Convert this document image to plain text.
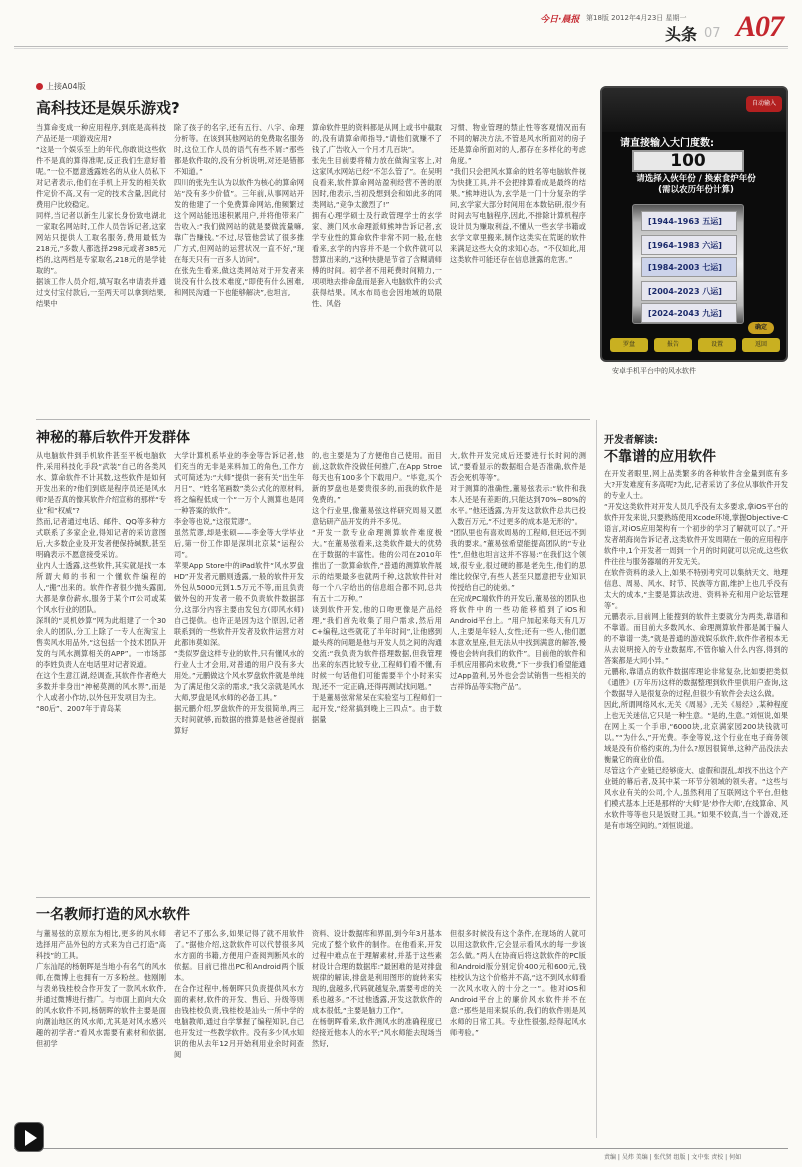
今日·晨报 第18版 2012年4月23日 星期一
头条 07 A07
上接A04版
高科技还是娱乐游戏?
当算命变成一种应用程序,到底是高科技产品还是一项游戏应用?
“这是一个娱乐至上的年代,你敢说这些软件不是真的算得准呢,反正我们生意好着呢。”一位不愿意透露姓名的从业人员私下对记者表示,他们在手机上开发的相关软件定价不高,又有一定的技术含量,因此付费用户比较稳定。
同样,当记者以新生儿家长身份致电湖北一家取名网站时,工作人员告诉记者,这家网站只提供人工取名服务,费用最低为218元,“多数人都选择298元或者385元档的,这两档是专家取名,218元的是学徒取的”。
据该工作人员介绍,填写取名申请表并通过支付宝付款后,一至两天可以拿到结果,结果中
除了孩子的名字,还有五行、八字、命理分析等。在该到其他网站的免费取名服务时,这位工作人员的语气有些不屑:“那些都是软件取的,没有分析说明,对还是错都不知道。”
四川的张先生认为以软件为核心的算命网站“没有多少价值”。三年前,从事网站开发的他建了一个免费算命网站,他频繁过这个网站能迅速积累用户,并将他带来广告收入:“我们做网站的就是要做流量嘛,靠广告赚钱。”不过,尽管他尝试了很多推广方式,但网站的运营状况一直不好,“现在每天只有一百多人访问”。
在张先生看来,做这类网站对于开发者来说没有什么技术难度,“即使有什么困难,和网民沟通一下也能够解决”,也坦言,
算命软件里的资料都是从网上或书中截取的,没有请算命师指导,“请他们就赚不了钱了,广告收入一个月才几百块”。
张先生目前要将精力放在做淘宝客上,对这家风水网站已经“不怎么管了”。在吴明良看来,软件算命网站盈利经营不善的原因时,他表示,当初没想到会和如此多的同类网站,“竞争太激烈了!”
拥有心理学硕士及行政管理学士的玄学家、澳门风水命理派师熊坤告诉记者,玄学专业性的算命软件非常不同一般,在他看来,玄学的内容并不是一个软件就可以替算出来的,“这种快捷是节省了含糊请师傅的时间。初学者不用耗费时间精力,一项项地去排命盘而是套入电脑软件的公式获得结果。风水布局也会因地域的局限性、风俗
习惯、物业管理的禁止性等客观情况而有不同的解决方法,不管是风水所面对的房子还是算命所面对的人,都存在多样化的考虑角度。”
“我们只会把风水算命的姓名等电脑软件视为快捷工具,并不会把排算看成是最终的结果。”熊坤进认为,玄学是一门十分复杂的学问,玄学家大部分时间用在本数钻研,很少有时间去写电脑程序,因此,不排除计算机程序设计员为赚取利益,不懂从一些玄学书籍或玄学文章里搬来,制作这类实在荒诞的软件来满足这些大众的求知心态。“不仅如此,用这类软件可能还存在信息泄露的危害。”
自动输入
请直接输入大门度数:
100
请选择入伙年份 / 换索食炉年份
(需以农历年份计算)
[1944-1963 五运]
[1964-1983 六运]
[1984-2003 七运]
[2004-2023 八运]
[2024-2043 九运]
确定
罗盘	报告	设置	返回
安卓手机平台中的风水软件
神秘的幕后软件开发群体
从电脑软件到手机软件甚至平板电脑软件,采用科技化手段“武装”自己的各类风水、算命软件不计其数,这些软件是如何开发出来的?他们到底是程序员还是风水师?是否真的像其软件介绍宣称的那样“专业”和“权威”?
然而,记者通过电话、邮件、QQ等多种方式联系了多家企业,得知记者的采访意图后,大多数企业及开发者便保持缄默,甚至明确表示不愿意接受采访。
业内人士透露,这些软件,其实就是找一本所谓大师的书和一个懂软件编程的人,“搬”出来的。软件作者很少抛头露面,大都是拿份薪水,服务于某个IT公司或某个风水行业的团队。
深圳的“灵机妙算”网为此组建了一个30余人的团队,分工上除了一专人在淘宝上售卖风水用品外,“这包括一个技术团队开发的与风水测算相关的APP”。一市场部的李姓负责人在电话里对记者说道。
在这个生意江湖,经调查,其软件作者绝大多数并非身出“神秘莫测的风水界”,而是个人或者小作坊,以外包开发项目为主。
“80后”、2007年于青岛某
大学计算机系毕业的李金等告诉记者,他们充当的无非是来料加工的角色,工作方式可简述为:“大师”提供一套有关“出生年月日”、“姓名笔画数”类公式化的原材料,将之编程低成一个“一万个人测算也是同一种答案的软件”。
李金等也说,“这很荒谬”。
虽然荒谬,却是张硕——李金等大学毕业后,第一份工作即是深圳北京某“运程公司”。
苹果App Store中的iPad软件“风水罗盘HD”开发者元鹏则透露,一般的软件开发外包从5000元到1.5万元不等,而且负责做外包的开发者一般不负责软件数据部分,这部分内容主要由发包方(即风水师)自己提供。也许正是因为这个原因,记者联系到的一些软件开发者及软件运营方对此都讳莫如深。
“类似罗盘这样专业的软件,只有懂风水的行业人士才会用,对普通的用户没有多大用处。”元鹏做这个风水罗盘软件就是单纯为了满足他父亲的需求,“我父亲就是风水大师,罗盘是风水师的必备工具。”
据元鹏介绍,罗盘软件的开发很简单,两三天时间就够,而数据的推算是他爸爸提前算好
的,也主要是为了方便他自己使用。而目前,这款软件没做任何推广,在App Stroe每天也有100多个下载用户。“毕竟,买个新的罗盘也是要贵很多的,而我的软件是免费的。”
这个行业里,像董易弦这样研究周易又愿意钻研产品开发的并不多见。
“开发一款专业命理测算软件难度极大。”在董易弦看来,这类软件最大的优势在于数据的丰富性。他的公司在2010年推出了一款算命软件,“普通的测算软件展示的结果最多也就两千种,这款软件针对每一个八字给出的信息组合都不同,总共有五十二万种。”
谈到软件开发,他的口吻更像是产品经理,“我们首先收集了用户需求,然后用C+编程,这些就花了半年时间”,让他感到最头疼的问题是他与开发人员之间的沟通交流:“我负责为软件搭理数据,但我管理出来的东西比较专业,工程师们看不懂,有时候一句话他们可能需要半个小时来实现,还不一定正确,还得再测试找问题。”
于是董易弦常常呆在实验室与工程师们一起开发,“经常搞到晚上三四点”。由于数据量
大,软件开发完成后还要进行长时间的测试,“要看显示的数据组合是否准确,软件是否会死机等等”。
对于测算的准确性,董易弦表示:“软件和我本人还是有差距的,只能达到70%~80%的水平。”他还透露,为开发这款软件总共已投入数百万元,“不过更多的成本是无形的”。
“团队里也有喜欢周易的工程师,但还远不到我的要求。”董易弦希望能提高团队的“专业性”,但他也坦言这并不容易:“在我们这个领域,很专业,很过硬的都是老先生,他们的思维比较保守,有些人甚至只愿意把专业知识传授给自己的徒弟。”
在完成PC端软件的开发后,董易弦的团队也将软件中的一些功能移植到了iOS和Android平台上。“用户加起来每天有几万人,主要是年轻人,女性;还有一些人,他们愿本意欢星座,但无法从中找到满意的解答,慢慢也会转向我们的软件”。目前他的软件和手机应用都尚未收费,“下一步我们希望能通过App盈利,另外也会尝试销售一些相关的吉祥饰品等实物产品”。
开发者解读:
不靠谱的应用软件
在开发者眼里,网上品类繁多的各种软件含金量到底有多大?开发难度有多高呢?为此,记者采访了多位从事软件开发的专业人士。
“开发这类软件对开发人员几乎没有太多要求,拿iOS平台的软件开发来说,只要熟练使用Xcode环境,掌握Objective-C语言,对iOS应用架构有一个初步的学习了解就可以了。”开发者胡海岗告诉记者,这类软件开发周期在一般的应用程序软件中,1个开发者一周到一个月的时间就可以完成,这些软件往往与服务器端的开发无关。
在软件资料的录入上,如果不特别考究可以集纳天文、地理信息、周易、风水、时节、民族等方面,维护上也几乎没有太大的成本,“主要是算法改进、资料补充和用户论坛管理等”。
元鹏表示,目前网上能搜到的软件主要就分为两类,靠谱和不靠谱。而目前大多数风水、命理测算软件都是属于骗人的不靠谱一类,“就是普通的游戏娱乐软件,软件作者根本无从去说明接入的专业数据库,不管你输入什么内容,得到的答案都是大同小异。”
元鹏称,靠谱点的软件数据库理论非常复杂,比如要把类似《通胜》(万年历)这样的数据整理到软件里供用户查询,这个数据导入是很复杂的过程,但很少有软件会去这么做。
因此,所谓网络风水,无关《周易》,无关《易经》,某种程度上也无关迷信,它只是一种生意。“是的,生意。”刘恒说,如果在网上买一个手串,“6000块,北京满家园200块钱就可以。”“为什么,”开光费。李金等说,这个行业在电子商务领域是没有价格约束的,为什么?原因很简单,这种产品没法去衡量它的商业价值。
尽管这个产业链已经够庞大、虚假和混乱,却找不出这个产业链的幕后者,及其中某一环节分领域的领头者。“这些与风水业有关的公司,个人,虽然利用了互联网这个平台,但他们模式基本上还是那样的‘大师’是‘炒作大师’,在线算命、风水软件等等也只是饭财工具。”如果不较真,当一个游戏,还是有市场空间的。”刘恒说道。
一名教师打造的风水软件
与董易弦的京原东为相比,更多的风水师选择用产品外包的方式来为自己打造“高科技”的工具。
广东汕尾的杨朝晖是当地小有名气的风水师,在微博上也拥有一万多粉丝。他刚刚与表弟钱桂校合作开发了一款风水软件,并通过微博进行推广。与市面上面向大众的风水软件不同,杨朝晖的软件主要是面向潮汕地区的风水师,尤其是对风水感兴趣的初学者:“看风水需要有素材和依据,但初学
者记不了那么多,如果记得了就不用软件了。”据他介绍,这款软件可以代替很多风水方面的书籍,方便用户查阅判断风水的依据。目前已推出PC和Android两个版本。
在合作过程中,杨朝晖只负责提供风水方面的素材,软件的开发、售后、升级等则由钱桂校负责,钱桂校是汕头一所中学的电脑教师,通过自学掌握了编程知识,自己也开发过一些教学软件。没有多少风水知识的他从去年12月开始利用业余时间查阅
资料、设计数据库和界面,到今年3月基本完成了整个软件的制作。在他看来,开发过程中难点在于理解素材,并基于这些素材设计合理的数据库:“最困难的是对排盘规律的解读,排盘是利用图形的旋转来实现的,盘越多,代码就越复杂,需要考虑的关系也越多。”不过他透露,开发这款软件的成本很低,“主要是脑力工作”。
在杨朝晖看来,软件测风水的准确程度已经接近他本人的水平;“风水师能去现场当然好,
但很多时候没有这个条件,在现场的人就可以用这款软件,它会显示看风水的每一步该怎么做。”两人在协商后将这款软件的PC版和Android版分别定价400元和600元,钱桂校认为这个价格并不高,“这不到风水师看一次风水收入的十分之一”。他对iOS和Android平台上的廉价风水软件并不在意:“那些是用来娱乐的,我们的软件则是风水师的日常工具。专业性很强,经得起风水师考验。”
责编 | 吴炜 美编 | 张代贤 组版 | 文中张 责校 | 何如
